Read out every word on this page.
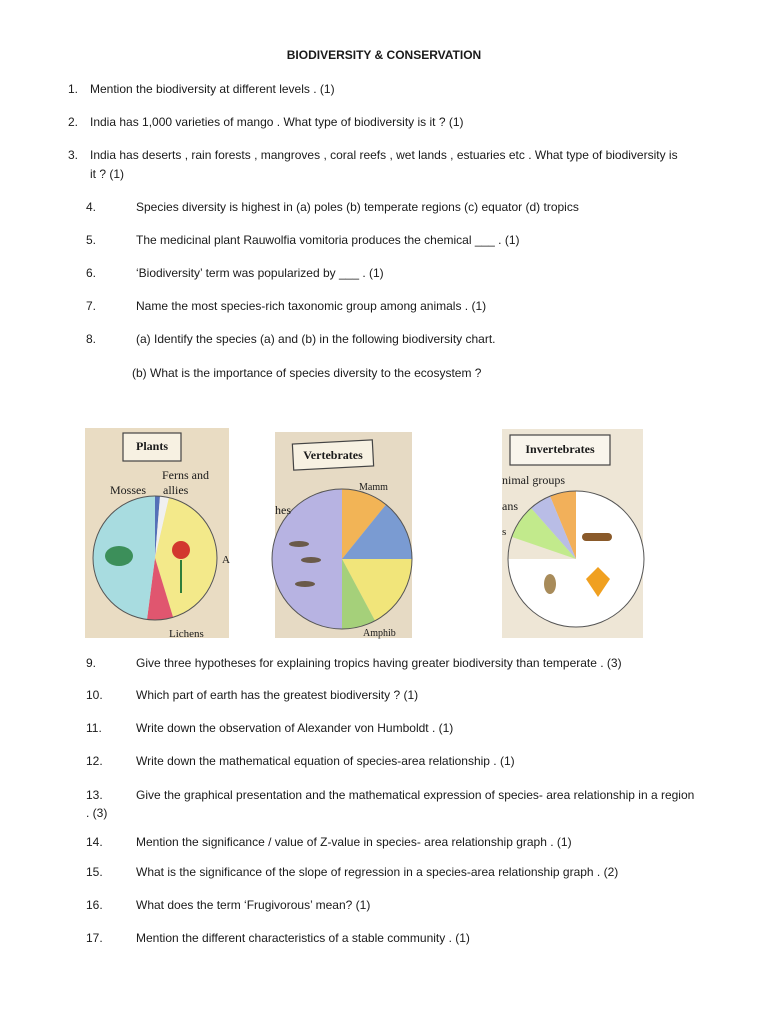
BIODIVERSITY & CONSERVATION
1. Mention the biodiversity at different levels . (1)
2. India has 1,000 varieties of mango . What type of biodiversity is it ? (1)
3. India has deserts , rain forests , mangroves , coral reefs , wet lands , estuaries etc . What type of biodiversity is
it ? (1)
4.	Species diversity is highest in (a) poles (b) temperate regions (c) equator (d) tropics
5.	The medicinal plant Rauwolfia vomitoria produces the chemical ___ . (1)
6.	‘Biodiversity’ term was popularized by ___ . (1)
7.	Name the most species-rich taxonomic group among animals . (1)
8.	(a) Identify the species (a) and (b) in the following biodiversity chart.
(b) What is the importance of species diversity to the ecosystem ?
Plants
Ferns and
Mosses allies
A
Lichens
Vertebrates
Mamm
hes
Amphib
Invertebrates
nimal groups
ans
s
9.	Give three hypotheses for explaining tropics having greater biodiversity than temperate . (3)
10.	Which part of earth has the greatest biodiversity ? (1)
11.	Write down the observation of Alexander von Humboldt . (1)
12.	Write down the mathematical equation of species-area relationship . (1)
13.	Give the graphical presentation and the mathematical expression of species- area relationship in a region
. (3)
14.	Mention the significance / value of Z-value in species- area relationship graph . (1)
15.	What is the significance of the slope of regression in a species-area relationship graph . (2)
16.	What does the term ‘Frugivorous’ mean? (1)
17.	Mention the different characteristics of a stable community . (1)
